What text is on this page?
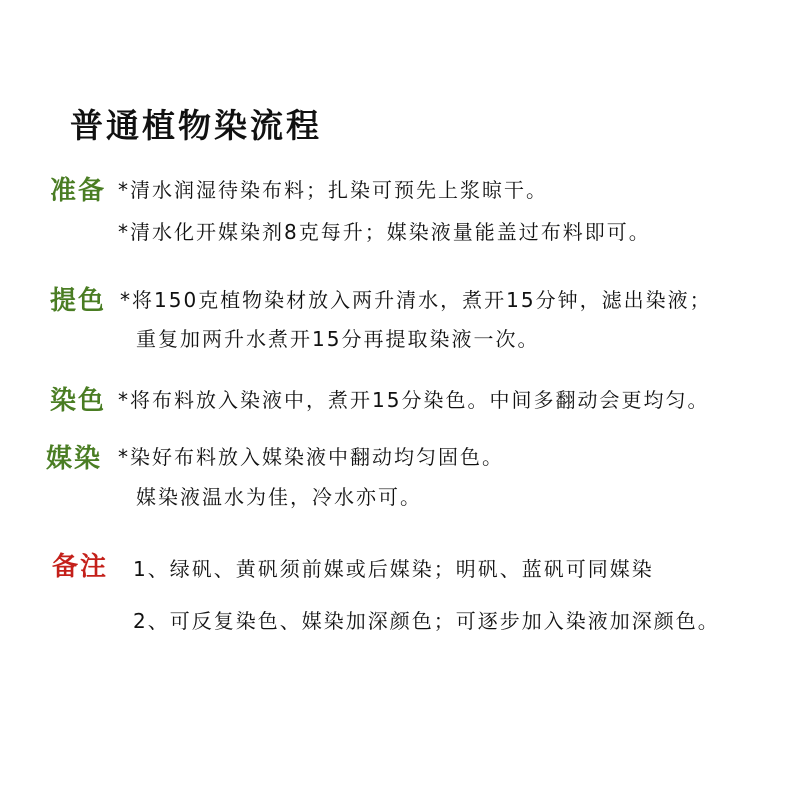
普通植物染流程
准备 *清水润湿待染布料；扎染可预先上浆晾干。
*清水化开媒染剂8克每升；媒染液量能盖过布料即可。
提色 *将150克植物染材放入两升清水，煮开15分钟，滤出染液；
重复加两升水煮开15分再提取染液一次。
染色 *将布料放入染液中，煮开15分染色。中间多翻动会更均匀。
媒染 *染好布料放入媒染液中翻动均匀固色。
媒染液温水为佳，冷水亦可。
备注 1、绿矾、黄矾须前媒或后媒染；明矾、蓝矾可同媒染
2、可反复染色、媒染加深颜色；可逐步加入染液加深颜色。
